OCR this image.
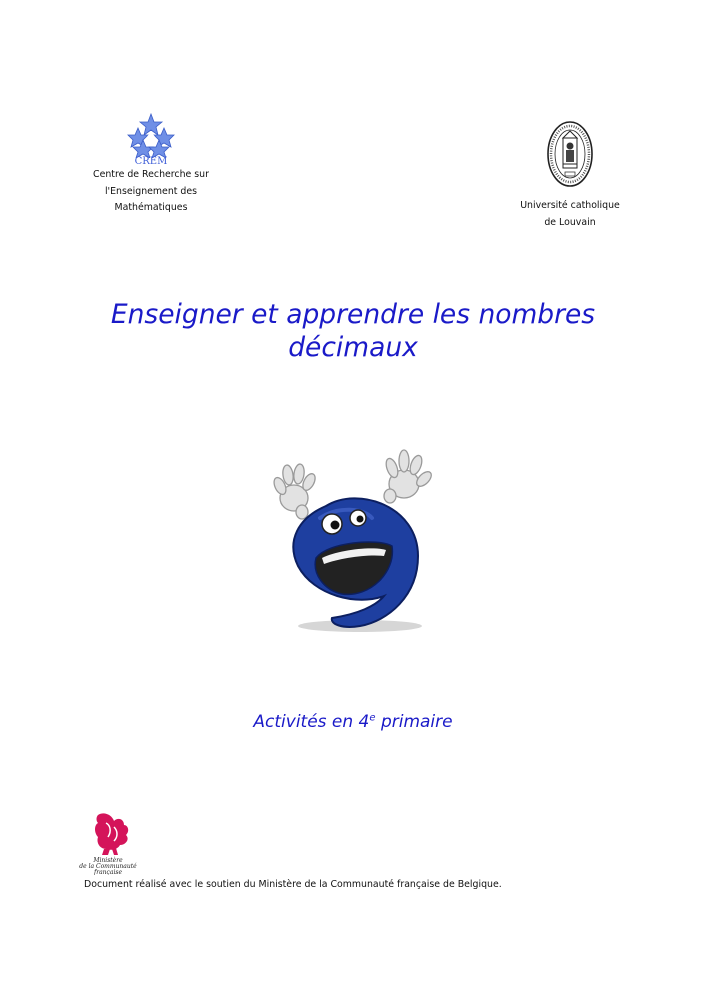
CREM
Centre de Recherche sur
l'Enseignement des
Mathématiques	Université catholique
de Louvain
Enseigner et apprendre les nombres
décimaux
Activités en 4e primaire
Ministère
de la Communauté
française
Document réalisé avec le soutien du Ministère de la Communauté française de Belgique.
